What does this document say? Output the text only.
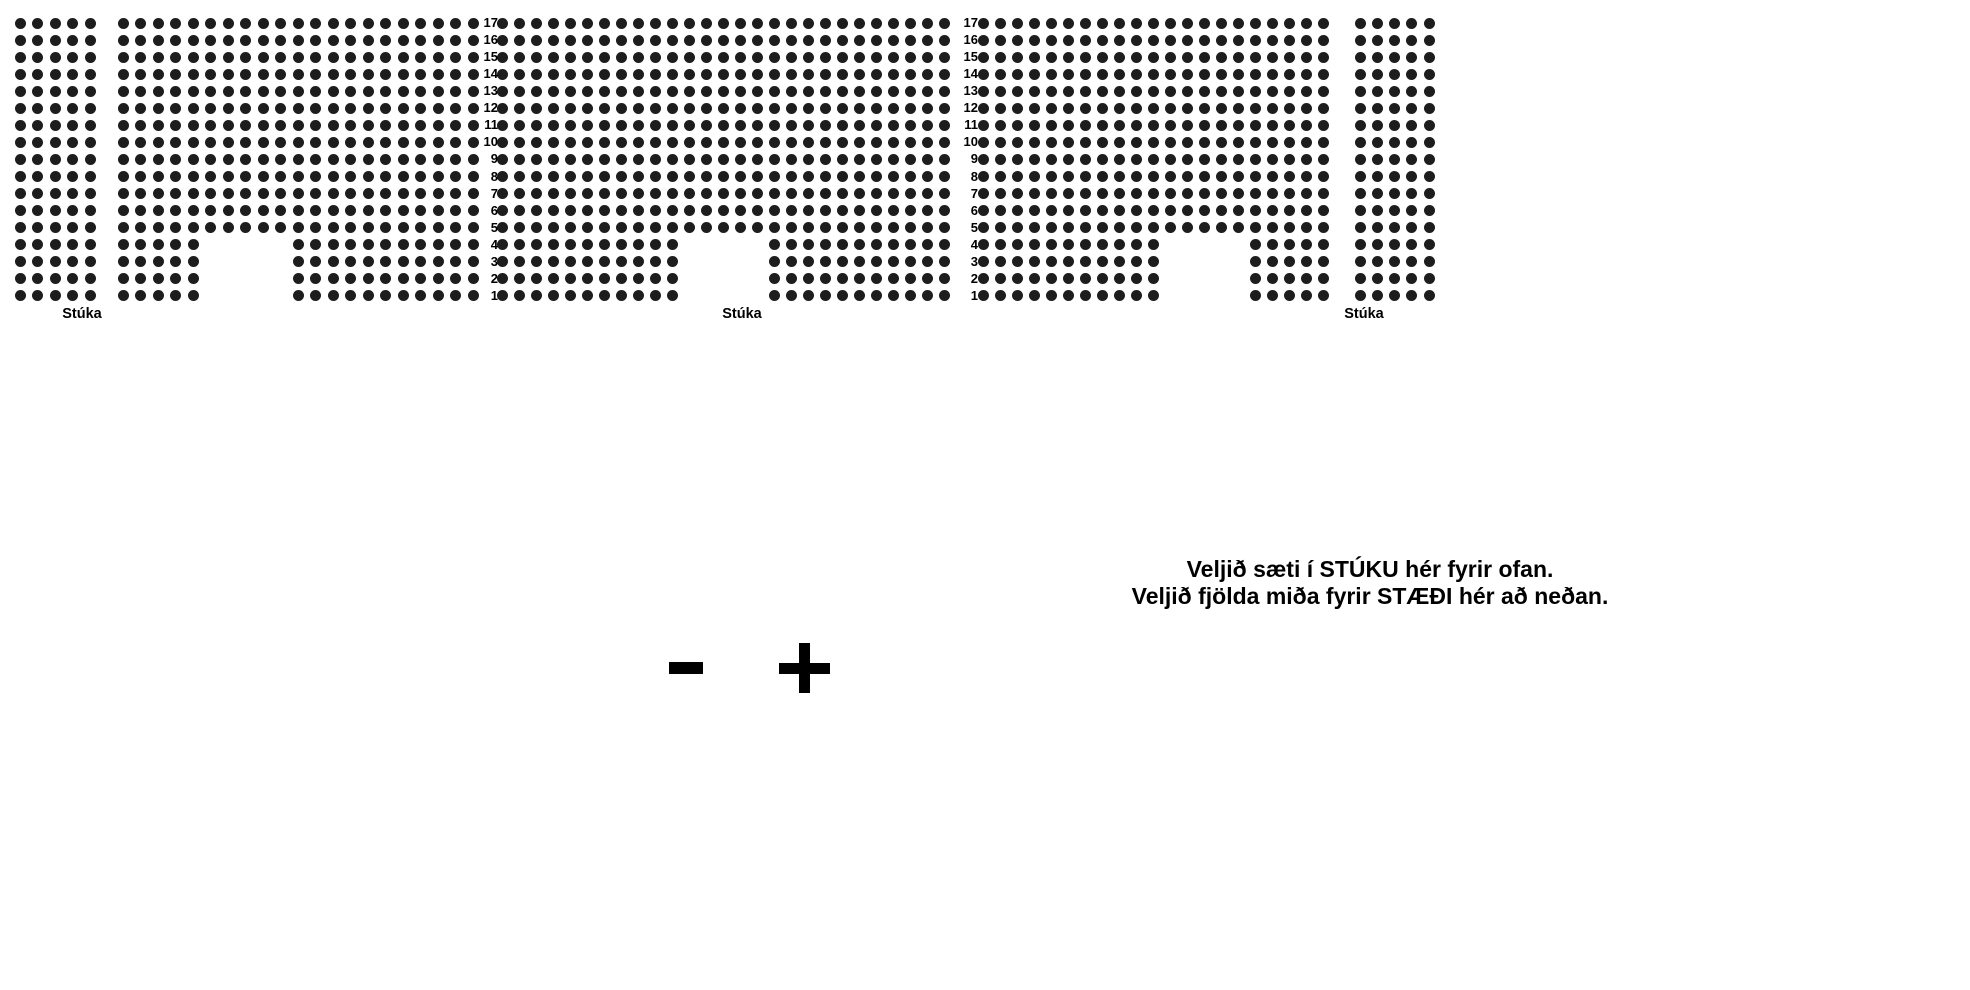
17
16
15
14
13
12
11
10
9
8
7
6
5
4
3
2
1
17
16
15
14
13
12
11
10
9
8
7
6
5
4
3
2
1
Stúka	Stúka	Stúka
Veljið sæti í STÚKU hér fyrir ofan.
Veljið fjölda miða fyrir STÆÐI hér að neðan.
